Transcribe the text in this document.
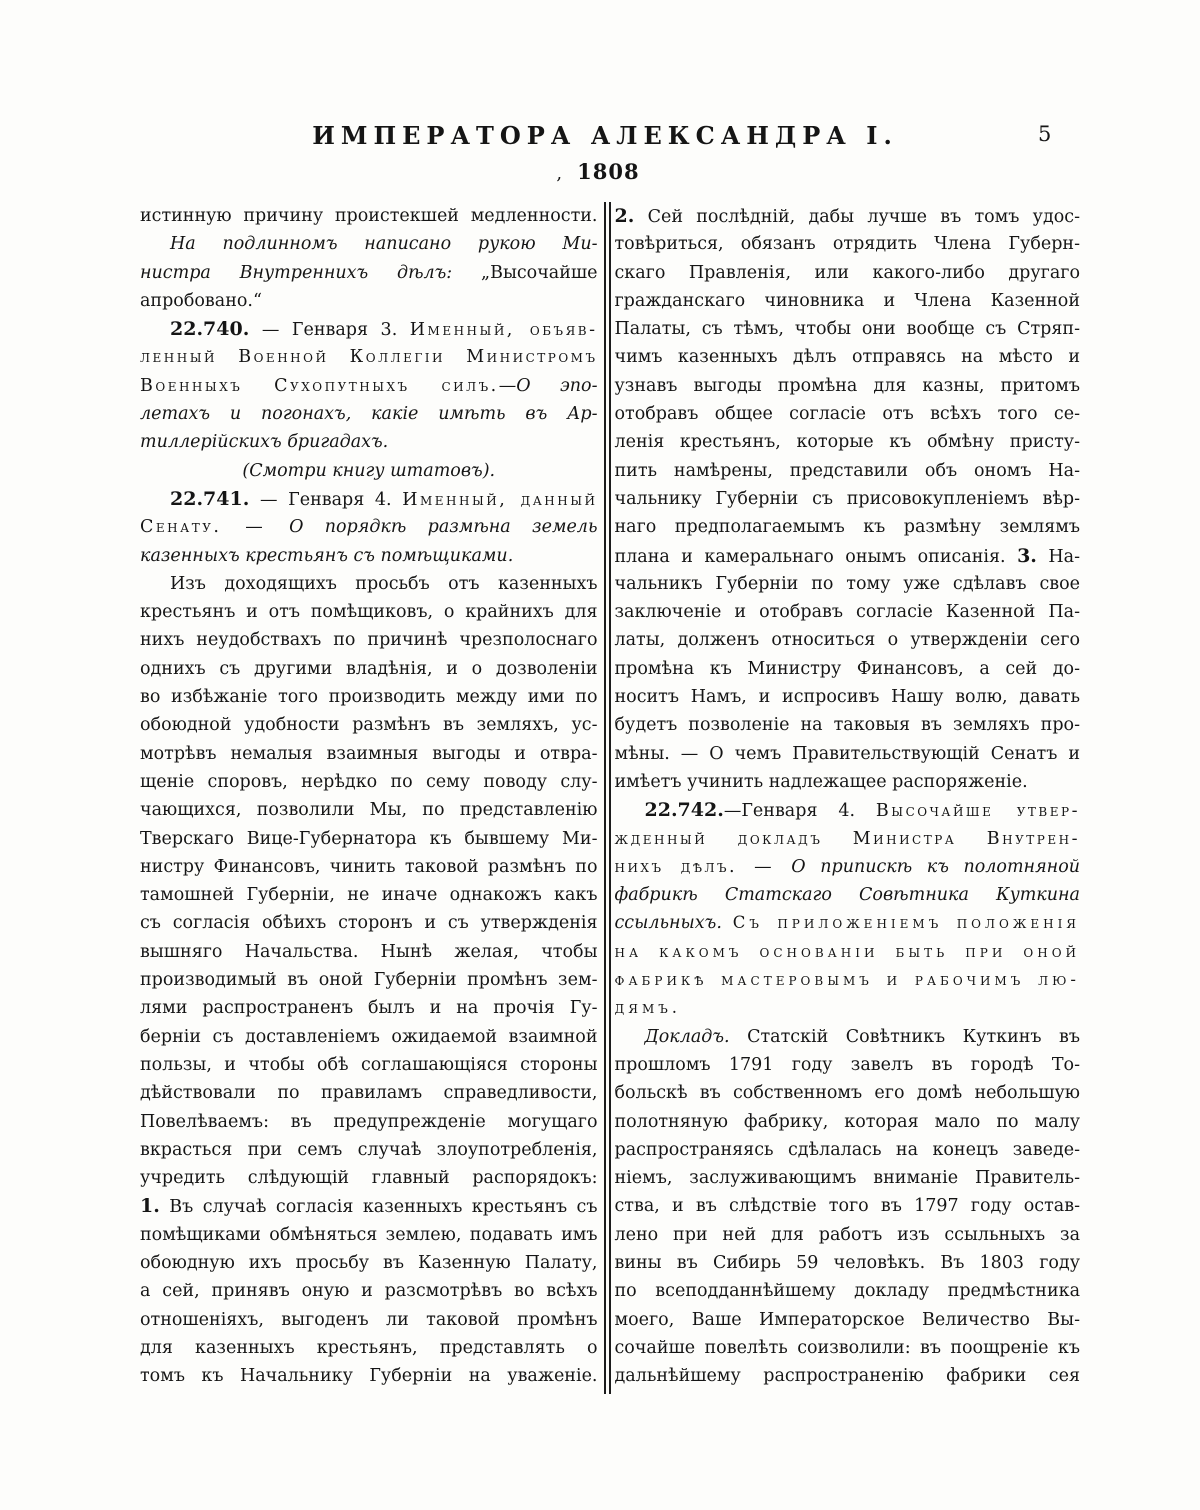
ИМПЕРАТОРА АЛЕКСАНДРА I.	5
, 1808
истинную причину проистекшей медленности.
На подлинномъ написано рукою Ми-
нистра Внутреннихъ дѣлъ: „Высочайше
апробовано.“
22.740. — Генваря 3. Именный, объяв-
ленный Военной Коллегіи Министромъ
Военныхъ Сухопутныхъ силъ.—О эпо-
летахъ и погонахъ, какіе имѣть въ Ар-
тиллерійскихъ бригадахъ.
(Смотри книгу штатовъ).
22.741. — Генваря 4. Именный, данный
Сенату. — О порядкѣ размѣна земель
казенныхъ крестьянъ съ помѣщиками.
Изъ доходящихъ просьбъ отъ казенныхъ
крестьянъ и отъ помѣщиковъ, о крайнихъ для
нихъ неудобствахъ по причинѣ чрезполоснаго
однихъ съ другими владѣнія, и о дозволеніи
во избѣжаніе того производить между ими по
обоюдной удобности размѣнъ въ земляхъ, ус-
мотрѣвъ немалыя взаимныя выгоды и отвра-
щеніе споровъ, нерѣдко по сему поводу слу-
чающихся, позволили Мы, по представленію
Тверскаго Вице-Губернатора къ бывшему Ми-
нистру Финансовъ, чинить таковой размѣнъ по
тамошней Губерніи, не иначе однакожъ какъ
съ согласія обѣихъ сторонъ и съ утвержденія
вышняго Начальства. Нынѣ желая, чтобы
производимый въ оной Губерніи промѣнъ зем-
лями распространенъ былъ и на прочія Гу-
берніи съ доставленіемъ ожидаемой взаимной
пользы, и чтобы обѣ соглашающіяся стороны
дѣйствовали по правиламъ справедливости,
Повелѣваемъ: въ предупрежденіе могущаго
вкрасться при семъ случаѣ злоупотребленія,
учредить слѣдующій главный распорядокъ:
1. Въ случаѣ согласія казенныхъ крестьянъ съ
помѣщиками обмѣняться землею, подавать имъ
обоюдную ихъ просьбу въ Казенную Палату,
а сей, принявъ оную и разсмотрѣвъ во всѣхъ
отношеніяхъ, выгоденъ ли таковой промѣнъ
для казенныхъ крестьянъ, представлять о
томъ къ Начальнику Губерніи на уваженіе.
2. Сей послѣдній, дабы лучше въ томъ удос-
товѣриться, обязанъ отрядить Члена Губерн-
скаго Правленія, или какого-либо другаго
гражданскаго чиновника и Члена Казенной
Палаты, съ тѣмъ, чтобы они вообще съ Стряп-
чимъ казенныхъ дѣлъ отправясь на мѣсто и
узнавъ выгоды промѣна для казны, притомъ
отобравъ общее согласіе отъ всѣхъ того се-
ленія крестьянъ, которые къ обмѣну присту-
пить намѣрены, представили объ ономъ На-
чальнику Губерніи съ присовокупленіемъ вѣр-
наго предполагаемымъ къ размѣну землямъ
плана и камеральнаго онымъ описанія. 3. На-
чальникъ Губерніи по тому уже сдѣлавъ свое
заключеніе и отобравъ согласіе Казенной Па-
латы, долженъ относиться о утвержденіи сего
промѣна къ Министру Финансовъ, а сей до-
носитъ Намъ, и испросивъ Нашу волю, давать
будетъ позволеніе на таковыя въ земляхъ про-
мѣны. — О чемъ Правительствующій Сенатъ и
имѣетъ учинить надлежащее распоряженіе.
22.742.—Генваря 4. Высочайше утвер-
жденный докладъ Министра Внутрен-
нихъ дѣлъ. — О припискѣ къ полотняной
фабрикѣ Статскаго Совѣтника Куткина
ссыльныхъ. Съ приложеніемъ положенія
на какомъ основаніи быть при оной
фабрикѣ мастеровымъ и рабочимъ лю-
дямъ.
Докладъ. Статскій Совѣтникъ Куткинъ въ
прошломъ 1791 году завелъ въ городѣ То-
больскѣ въ собственномъ его домѣ небольшую
полотняную фабрику, которая мало по малу
распространяясь сдѣлалась на конецъ заведе-
ніемъ, заслуживающимъ вниманіе Правитель-
ства, и въ слѣдствіе того въ 1797 году остав-
лено при ней для работъ изъ ссыльныхъ за
вины въ Сибирь 59 человѣкъ. Въ 1803 году
по всеподданнѣйшему докладу предмѣстника
моего, Ваше Императорское Величество Вы-
сочайше повелѣть соизволили: въ поощреніе къ
дальнѣйшему распространенію фабрики сея
